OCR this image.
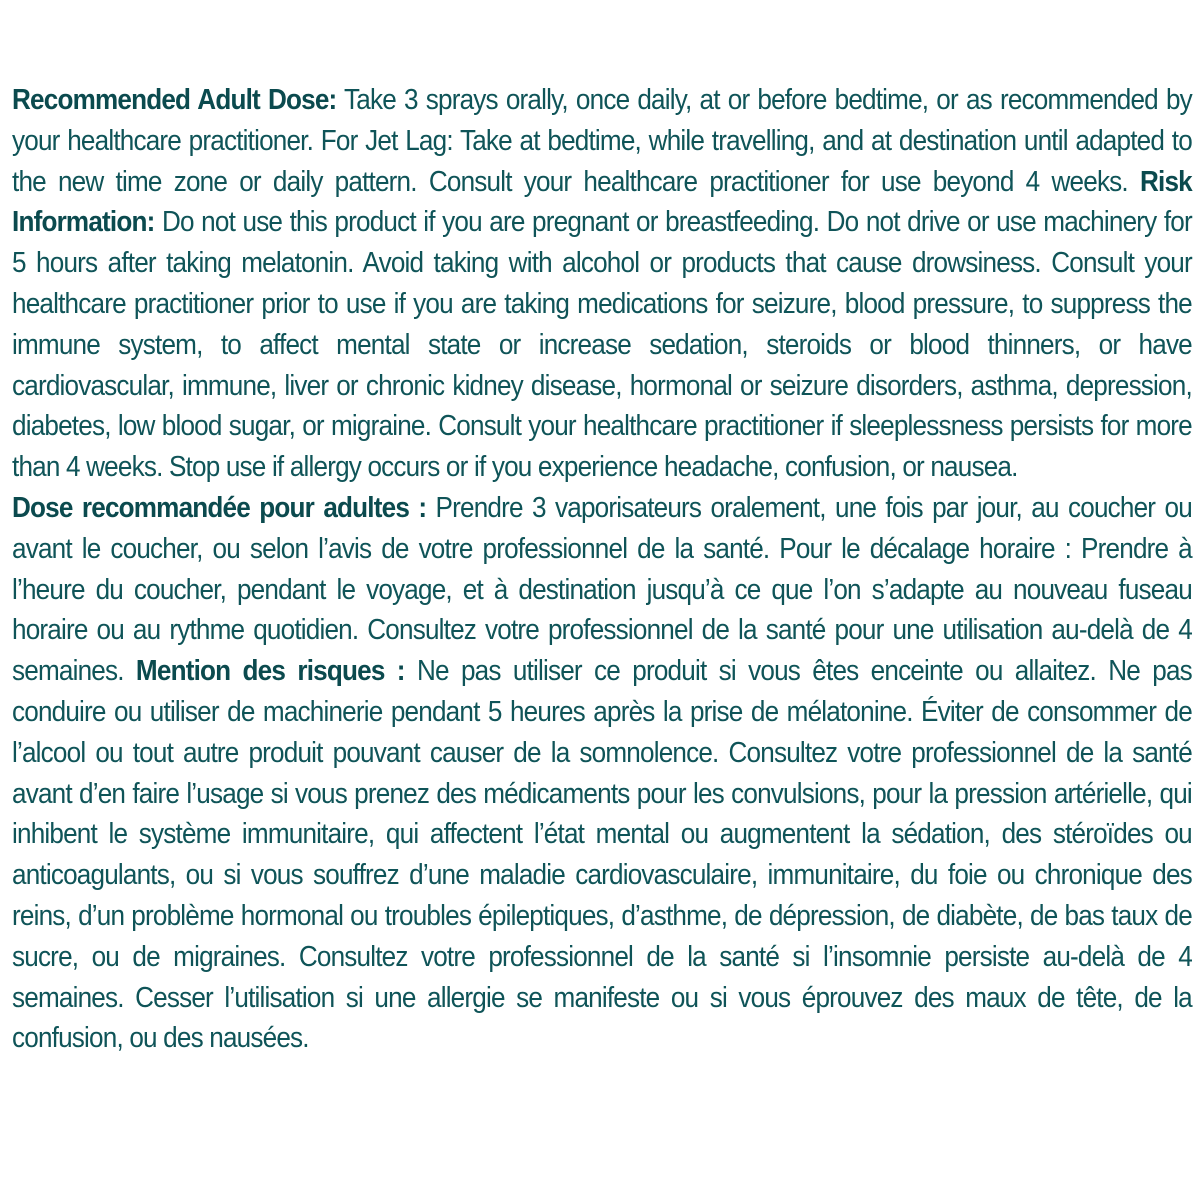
Recommended Adult Dose: Take 3 sprays orally, once daily, at or before bedtime, or as recommended by your healthcare practitioner. For Jet Lag: Take at bedtime, while travelling, and at destination until adapted to the new time zone or daily pattern. Consult your healthcare practitioner for use beyond 4 weeks. Risk Information: Do not use this product if you are pregnant or breastfeeding. Do not drive or use machinery for 5 hours after taking melatonin. Avoid taking with alcohol or products that cause drowsiness. Consult your healthcare practitioner prior to use if you are taking medications for seizure, blood pressure, to suppress the immune system, to affect mental state or increase sedation, steroids or blood thinners, or have cardiovascular, immune, liver or chronic kidney disease, hormonal or seizure disorders, asthma, depression, diabetes, low blood sugar, or migraine. Consult your healthcare practitioner if sleeplessness persists for more than 4 weeks. Stop use if allergy occurs or if you experience headache, confusion, or nausea.

Dose recommandée pour adultes : Prendre 3 vaporisateurs oralement, une fois par jour, au coucher ou avant le coucher, ou selon l’avis de votre professionnel de la santé. Pour le décalage horaire : Prendre à l’heure du coucher, pendant le voyage, et à destination jusqu’à ce que l’on s’adapte au nouveau fuseau horaire ou au rythme quotidien. Consultez votre professionnel de la santé pour une utilisation au-delà de 4 semaines. Mention des risques : Ne pas utiliser ce produit si vous êtes enceinte ou allaitez. Ne pas conduire ou utiliser de machinerie pendant 5 heures après la prise de mélatonine. Éviter de consommer de l’alcool ou tout autre produit pouvant causer de la somnolence. Consultez votre professionnel de la santé avant d’en faire l’usage si vous prenez des médicaments pour les convulsions, pour la pression artérielle, qui inhibent le système immunitaire, qui affectent l’état mental ou augmentent la sédation, des stéroïdes ou anticoagulants, ou si vous souffrez d’une maladie cardiovasculaire, immunitaire, du foie ou chronique des reins, d’un problème hormonal ou troubles épileptiques, d’asthme, de dépression, de diabète, de bas taux de sucre, ou de migraines. Consultez votre professionnel de la santé si l’insomnie persiste au-delà de 4 semaines. Cesser l’utilisation si une allergie se manifeste ou si vous éprouvez des maux de tête, de la confusion, ou des nausées.
